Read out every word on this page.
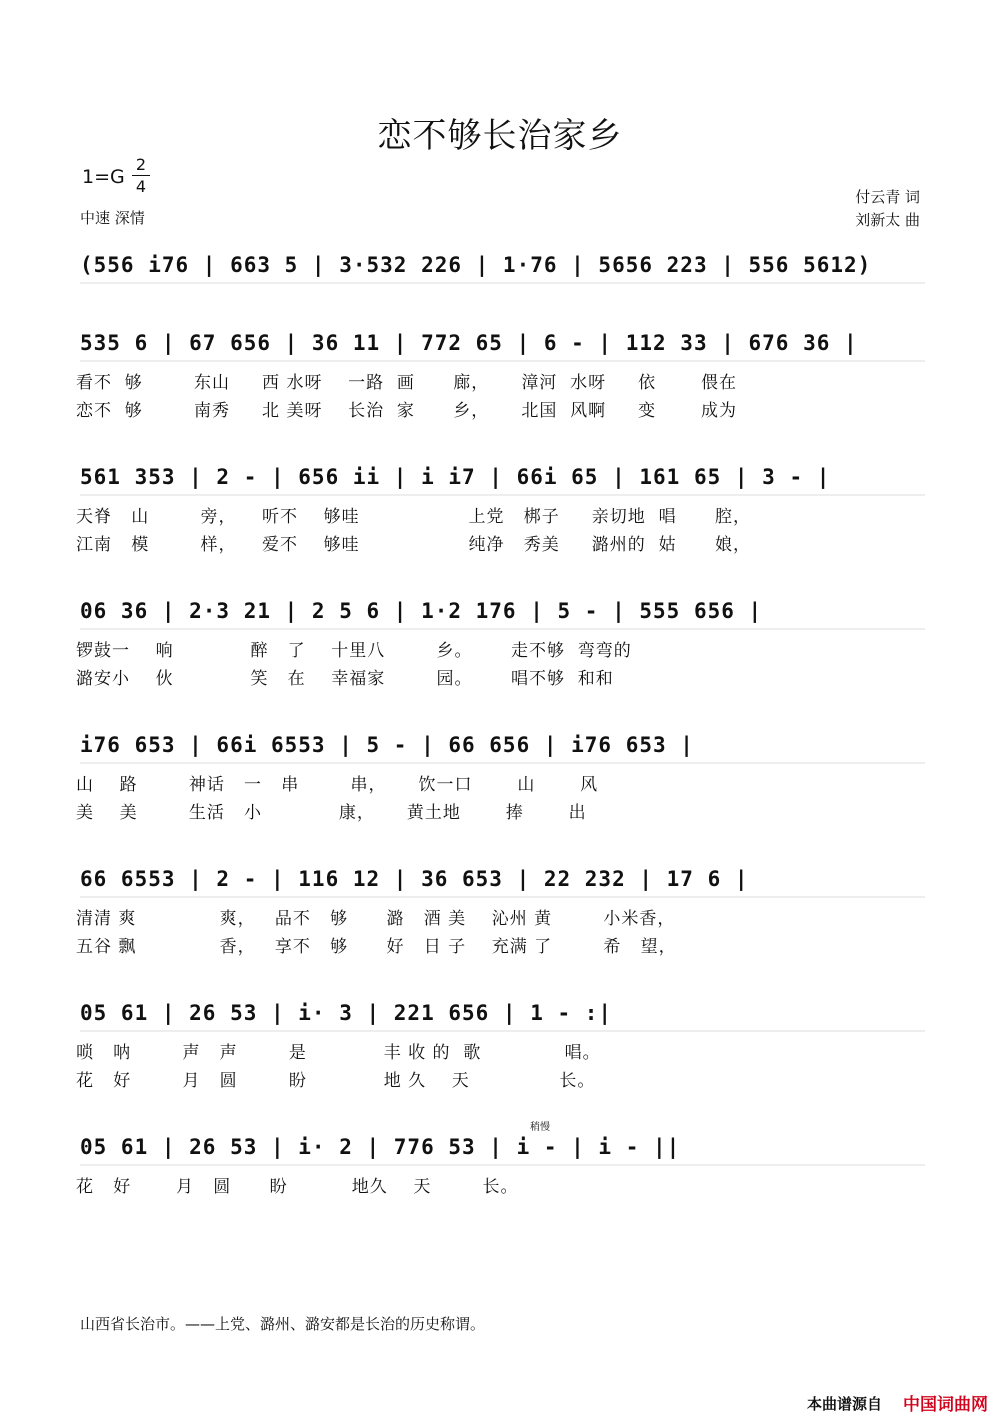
恋不够长治家乡
1=G
2
4
中速 深情
付云青 词
刘新太 曲
(556 i76 | 663 5 | 3·532 226 | 1·76 | 5656 223 | 556 5612)
535 6 | 67 656 | 36 11 | 772 65 | 6 - | 112 33 | 676 36 |
看不  够        东山     西 水呀    一路  画      廊，     漳河  水呀     依       偎在
恋不  够        南秀     北 美呀    长治  家      乡，     北国  风啊     变       成为
561 353 | 2 - | 656 ii | i i7 | 66i 65 | 161 65 | 3 - |
天脊   山        旁，    听不    够哇                 上党   梆子     亲切地  唱      腔，
江南   模        样，    爱不    够哇                 纯净   秀美     潞州的  姑      娘，
06 36 | 2·3 21 | 2 5 6 | 1·2 176 | 5 - | 555 656 |
锣鼓一    响            醉   了    十里八        乡。      走不够  弯弯的
潞安小    伙            笑   在    幸福家        园。      唱不够  和和
i76 653 | 66i 6553 | 5 - | 66 656 | i76 653 |
山    路        神话   一   串        串，     饮一口       山       风
美    美        生活   小            康，     黄土地       捧       出
66 6553 | 2 - | 116 12 | 36 653 | 22 232 | 17 6 |
清清 爽             爽，   品不   够      潞   酒 美    沁州 黄        小米香，
五谷 飘             香，   享不   够      好   日 子    充满 了        希   望，
05 61 | 26 53 | i· 3 | 221 656 | 1 - :|
唢   呐        声   声        是            丰 收 的  歌             唱。
花   好        月   圆        盼            地 久    天              长。
稍慢
05 61 | 26 53 | i· 2 | 776 53 | i - | i - ||
花   好       月   圆      盼          地久    天        长。
山西省长治市。——上党、潞州、潞安都是长治的历史称谓。
本曲谱源自 中国词曲网
